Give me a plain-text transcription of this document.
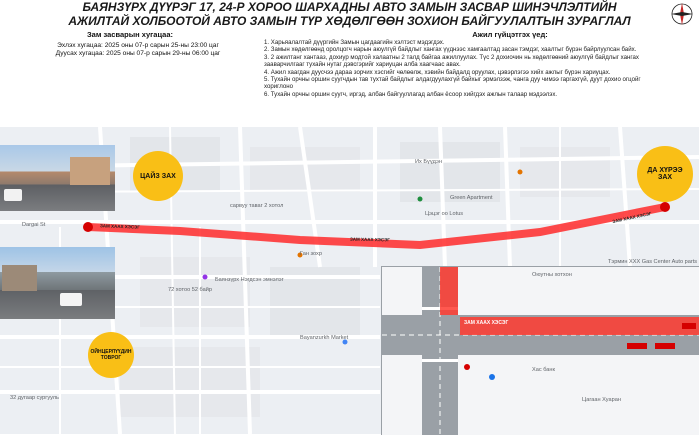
БАЯНЗҮРХ ДҮҮРЭГ 17, 24-Р ХОРОО ШАРХАДНЫ АВТО ЗАМЫН ЗАСВАР ШИНЭЧЛЭЛТИЙН
АЖИЛТАЙ ХОЛБООТОЙ АВТО ЗАМЫН ТҮР ХӨДӨЛГӨӨН ЗОХИОН БАЙГУУЛАЛТЫН ЗУРАГЛАЛ
Зам засварын хугацаа:
Эхлэх хугацаа: 2025 оны 07-р сарын 25-ны 23:00 цаг
Дуусах хугацаа: 2025 оны 07-р сарын 29-ны 06:00 цаг
Ажил гүйцэтгэх үед:
1. Харьяалалтай дүүргийн Замын цагдаагийн хэлтэст мэдэгдэх.
2. Замын хөдөлгөөнд оролцогч нарын аюулгүй байдлыг хангах үүднээс хамгаалтад засан тэмдэг, хаалтыг бүрэн байрлуулсан байх.
3. 2 ажилтанг хантааз, дохиур модтой халаатны 2 талд байгаа ажиллуулах. Түс 2 дохиочин нь хөдөлгөөний аюулгүй байдлыг хангах
зааварчилгааг тухайн нутаг дэвсгэрийг хариуцан алба хаагчаас авах.
4. Ажил хаагдан дуусчээ дараа зорчих хэсгийг чөлөөлж, хэвийн байдалд оруулах, цэвэрлэгээ хийх ажлыг бүрэн хариуцах.
5. Тухайн орчны оршин суугчдын тав тухтай байдлыг алдагдуулахгүй байхыг эрмэлзэж, чанга дуу чимээ гаргахгүй, дуут дохио огцойг
хориглоно
6. Тухайн орчны оршин суугч, иргэд, албан байгууллагад албан ёсоор хийгдэх ажлын талаар мэдээлэх.
ЗАМ ХААХ ХЭСЭГ
ЗАМ ХААХ ХЭСЭГ
ЗАМ ХААХ ХЭСЭГ
ЦАЙЗ ЗАХ
ДА ХҮРЭЭ ЗАХ
ОЙНЦЕРЛҮҮДИН ТОВРОГ
Их Бүүдэн
Green Apartment
Цэцэг оо Lotus
сарвуу таваг 2 хотол
Ган зохр
Dargai St
72 хотоо 52 байр
Bayanzurkh Market
Баянзүрх Нэгдсэн эмнэлэг
Тэрмин XXX Gas Center Auto parts
32 дугаар сургууль
ЗАМ ХААХ ХЭСЭГ
Оюутны хотхон
Хас банк
Цагаан Хуаран
